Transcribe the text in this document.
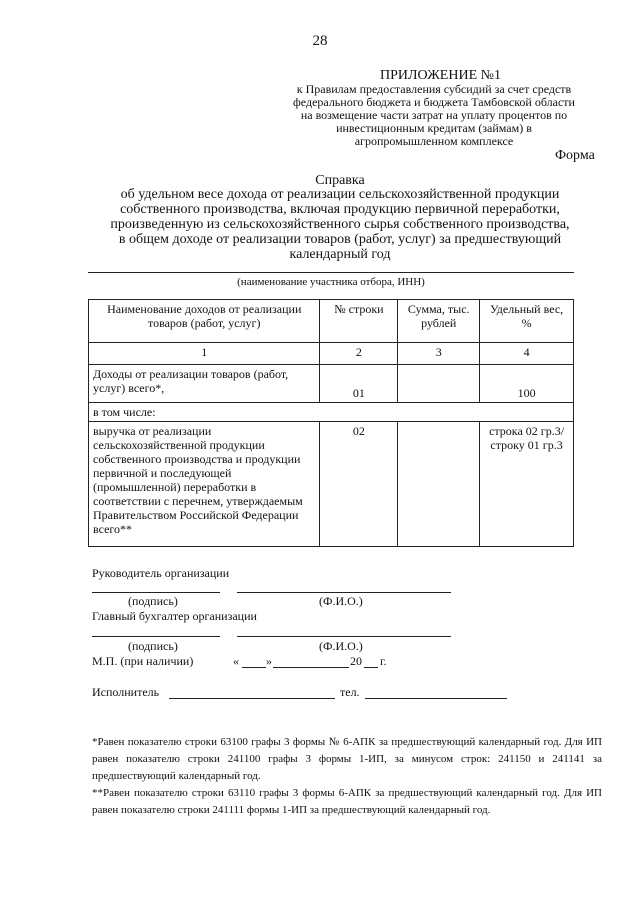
28
ПРИЛОЖЕНИЕ №1
к Правилам предоставления субсидий за счет средств
федерального бюджета и бюджета Тамбовской области
на возмещение части затрат на уплату процентов по
инвестиционным кредитам (займам) в
агропромышленном комплексе
Форма
Справка
об удельном весе дохода от реализации сельскохозяйственной продукции
собственного производства, включая продукцию первичной переработки,
произведенную из сельскохозяйственного сырья собственного производства,
в общем доходе от реализации товаров (работ, услуг) за предшествующий
календарный год
(наименование участника отбора, ИНН)
Наименование доходов от реализации товаров (работ, услуг)	№ строки	Сумма, тыс. рублей	Удельный вес, %
1	2	3	4
Доходы от реализации товаров (работ, услуг) всего*,	01		100
в том числе:			
выручка от реализации сельскохозяйственной продукции собственного производства и продукции первичной и последующей (промышленной) переработки в соответствии с перечнем, утверждаемым Правительством Российской Федерации всего**	02		строка 02 гр.3/ строку 01 гр.3
Руководитель организации
(подпись)	(Ф.И.О.)
Главный бухгалтер организации
(подпись)	(Ф.И.О.)
М.П. (при наличии)	« »	20 г.
Исполнитель	тел.

*Равен показателю строки 63100 графы 3 формы № 6-АПК за предшествующий календарный год. Для ИП равен показателю строки 241100 графы 3 формы 1-ИП, за минусом строк: 241150 и 241141 за предшествующий календарный год.

**Равен показателю строки 63110 графы 3 формы 6-АПК за предшествующий календарный год. Для ИП равен показателю строки 241111 формы 1-ИП за предшествующий календарный год.
